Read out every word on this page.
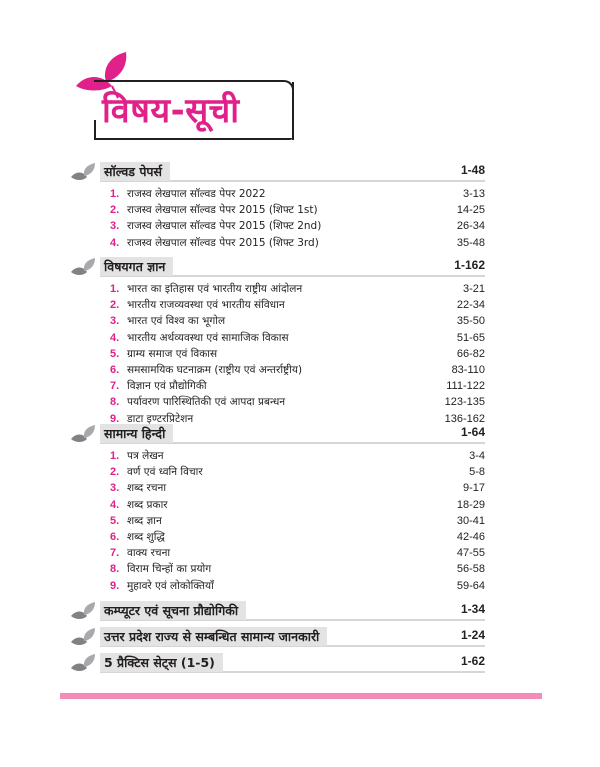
विषय-सूची
सॉल्वड पेपर्स	1-48
1. राजस्व लेखपाल सॉल्वड पेपर 2022	3-13
2. राजस्व लेखपाल सॉल्वड पेपर 2015 (शिफ्ट 1st)	14-25
3. राजस्व लेखपाल सॉल्वड पेपर 2015 (शिफ्ट 2nd)	26-34
4. राजस्व लेखपाल सॉल्वड पेपर 2015 (शिफ्ट 3rd)	35-48
विषयगत ज्ञान	1-162
1. भारत का इतिहास एवं भारतीय राष्ट्रीय आंदोलन	3-21
2. भारतीय राजव्यवस्था एवं भारतीय संविधान	22-34
3. भारत एवं विश्व का भूगोल	35-50
4. भारतीय अर्थव्यवस्था एवं सामाजिक विकास	51-65
5. ग्राम्य समाज एवं विकास	66-82
6. समसामयिक घटनाक्रम (राष्ट्रीय एवं अन्तर्राष्ट्रीय)	83-110
7. विज्ञान एवं प्रौद्योगिकी	111-122
8. पर्यावरण पारिस्थितिकी एवं आपदा प्रबन्धन	123-135
9. डाटा इण्टरप्रिटेशन	136-162
सामान्य हिन्दी	1-64
1. पत्र लेखन	3-4
2. वर्ण एवं ध्वनि विचार	5-8
3. शब्द रचना	9-17
4. शब्द प्रकार	18-29
5. शब्द ज्ञान	30-41
6. शब्द शुद्धि	42-46
7. वाक्य रचना	47-55
8. विराम चिन्हों का प्रयोग	56-58
9. मुहावरे एवं लोकोक्तियाँ	59-64
कम्प्यूटर एवं सूचना प्रौद्योगिकी	1-34
उत्तर प्रदेश राज्य से सम्बन्धित सामान्य जानकारी	1-24
5 प्रैक्टिस सेट्स (1-5)	1-62
